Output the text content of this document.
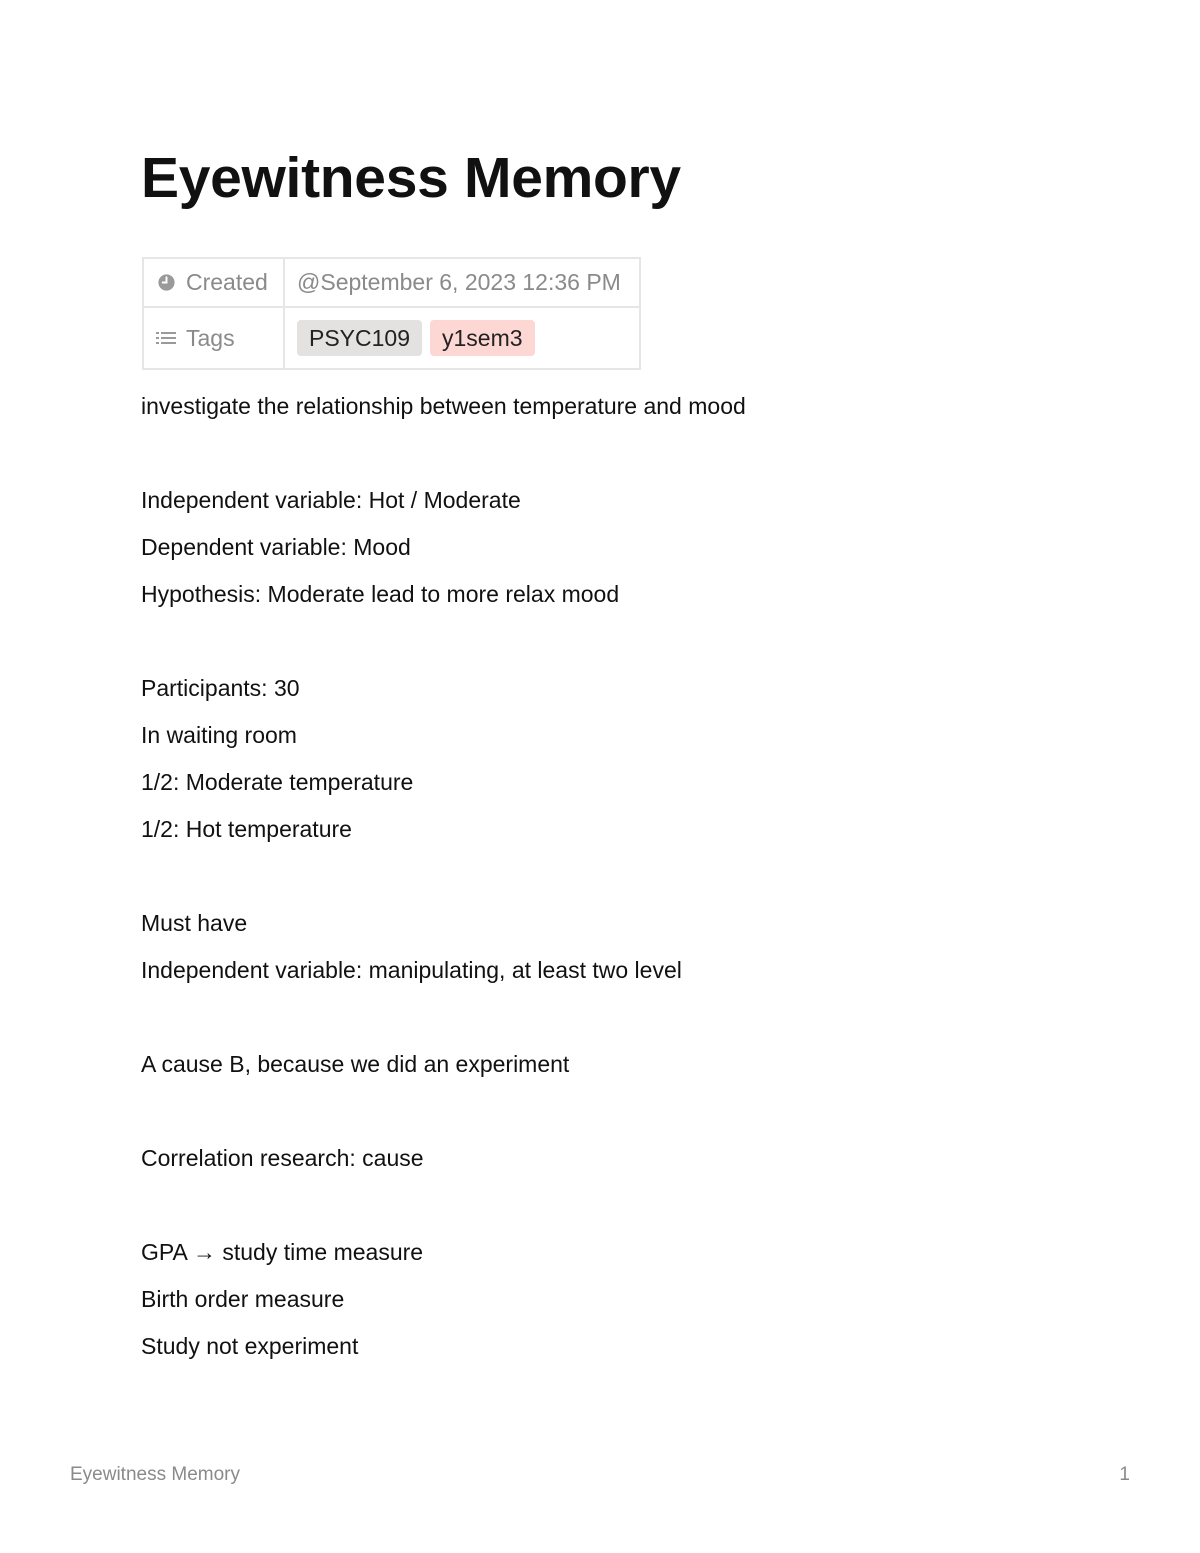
Eyewitness Memory
Created	@September 6, 2023 12:36 PM

Tags	PSYC109 y1sem3

investigate the relationship between temperature and mood

Independent variable: Hot / Moderate

Dependent variable: Mood

Hypothesis: Moderate lead to more relax mood

Participants: 30

In waiting room

1/2: Moderate temperature

1/2: Hot temperature

Must have

Independent variable: manipulating, at least two level

A cause B, because we did an experiment

Correlation research: cause

GPA → study time measure

Birth order measure

Study not experiment

Eyewitness Memory	1
